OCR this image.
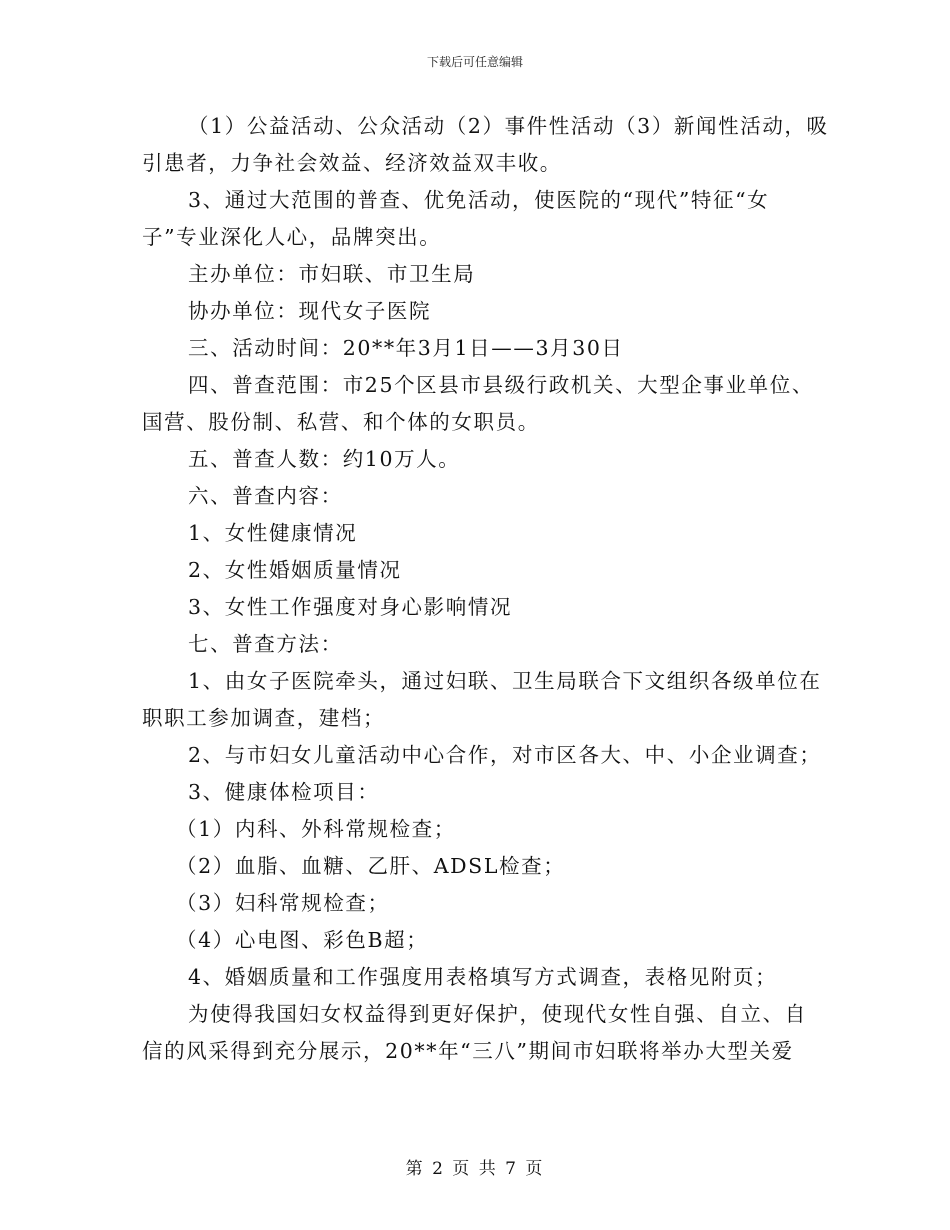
下载后可任意编辑

（1）公益活动、公众活动（2）事件性活动（3）新闻性活动，吸

引患者，力争社会效益、经济效益双丰收。

3、通过大范围的普查、优免活动，使医院的“现代”特征“女

子”专业深化人心，品牌突出。

主办单位：市妇联、市卫生局

协办单位：现代女子医院

三、活动时间：20**年3月1日——3月30日

四、普查范围：市25个区县市县级行政机关、大型企事业单位、

国营、股份制、私营、和个体的女职员。

五、普查人数：约10万人。

六、普查内容：

1、女性健康情况

2、女性婚姻质量情况

3、女性工作强度对身心影响情况

七、普查方法：

1、由女子医院牵头，通过妇联、卫生局联合下文组织各级单位在

职职工参加调查，建档；

2、与市妇女儿童活动中心合作，对市区各大、中、小企业调查；

3、健康体检项目：

（1）内科、外科常规检查；

（2）血脂、血糖、乙肝、ADSL检查；

（3）妇科常规检查；

（4）心电图、彩色B超；

4、婚姻质量和工作强度用表格填写方式调查，表格见附页；

为使得我国妇女权益得到更好保护，使现代女性自强、自立、自

信的风采得到充分展示，20**年“三八”期间市妇联将举办大型关爱

第 2 页 共 7 页
